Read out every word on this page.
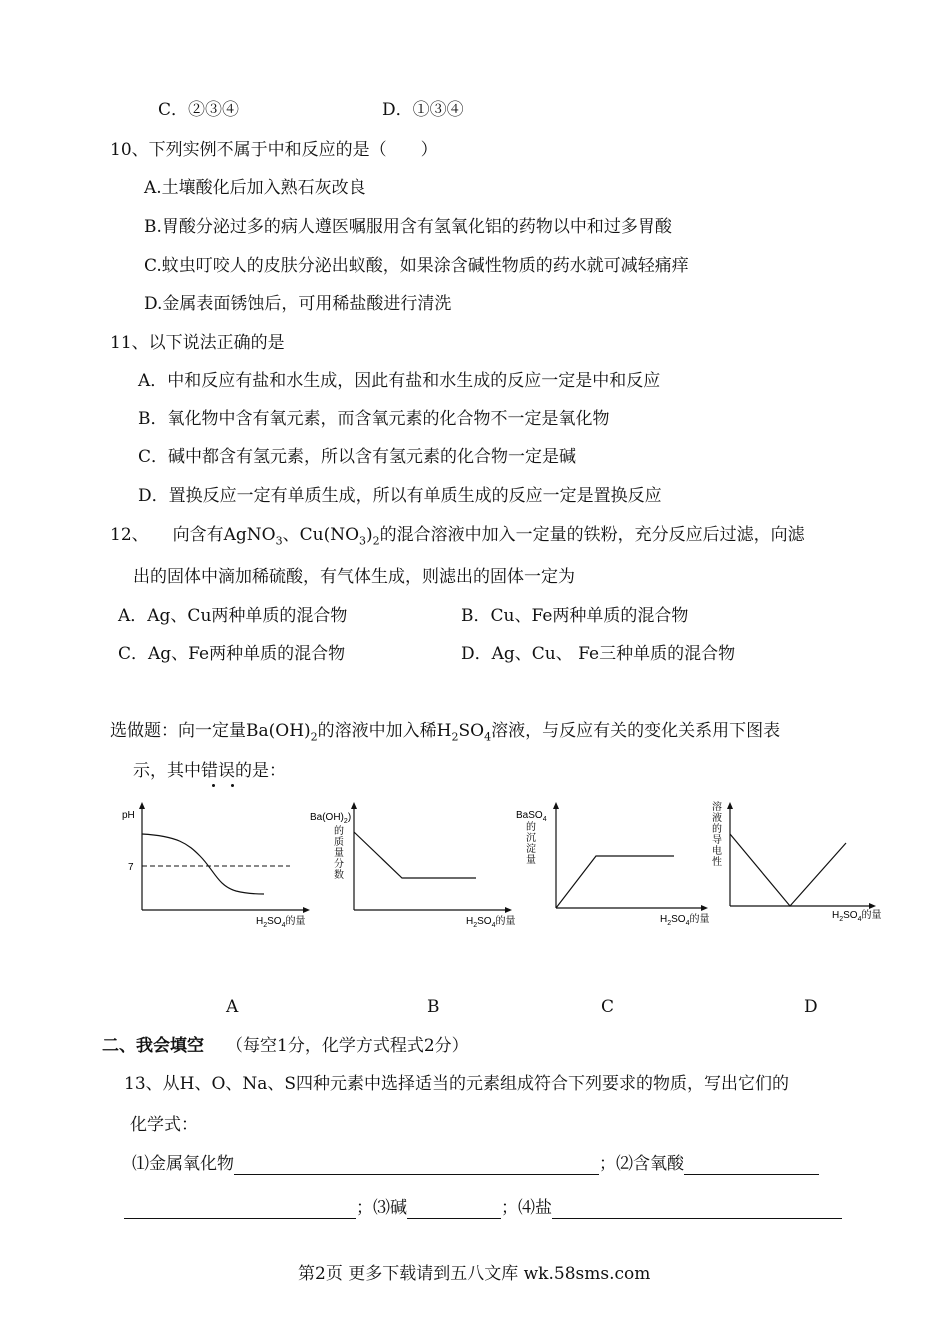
C．②③④	D．①③④
10、下列实例不属于中和反应的是（　　）
A.土壤酸化后加入熟石灰改良
B.胃酸分泌过多的病人遵医嘱服用含有氢氧化铝的药物以中和过多胃酸
C.蚊虫叮咬人的皮肤分泌出蚁酸，如果涂含碱性物质的药水就可减轻痛痒
D.金属表面锈蚀后，可用稀盐酸进行清洗
11、以下说法正确的是
A．中和反应有盐和水生成，因此有盐和水生成的反应一定是中和反应
B．氧化物中含有氧元素，而含氧元素的化合物不一定是氧化物
C．碱中都含有氢元素，所以含有氢元素的化合物一定是碱
D．置换反应一定有单质生成，所以有单质生成的反应一定是置换反应
12、 向含有AgNO$_3$、$Cu(NO_3)_2$的混合溶液中加入一定量的铁粉，充分反应后过滤，向滤
出的固体中滴加稀硫酸，有气体生成，则滤出的固体一定为
A．Ag、Cu两种单质的混合物	B．Cu、Fe两种单质的混合物
C．Ag、Fe两种单质的混合物	D．Ag、Cu、 Fe三种单质的混合物
选做题：向一定量$Ba(OH)_2$的溶液中加入稀$H_2SO_4$溶液，与反应有关的变化关系用下图表
示，其中错误的是：
pH
7
$H_2SO_4$的量
$Ba(OH)_2$)
的
质
量
分
数
$H_2SO_4$的量
BaSO$_4$
的
沉
淀
量
$H_2SO_4$的量
溶
液
的
导
电
性
$H_2SO_4$的量
A	B	C	D
二、我会填空 （每空1分，化学方式程式2分）
13、从H、O、Na、S四种元素中选择适当的元素组成符合下列要求的物质，写出它们的
化学式：
⑴金属氧化物	；⑵含氧酸
；⑶碱	；⑷盐
第2页 更多下载请到五八文库 wk.58sms.com
